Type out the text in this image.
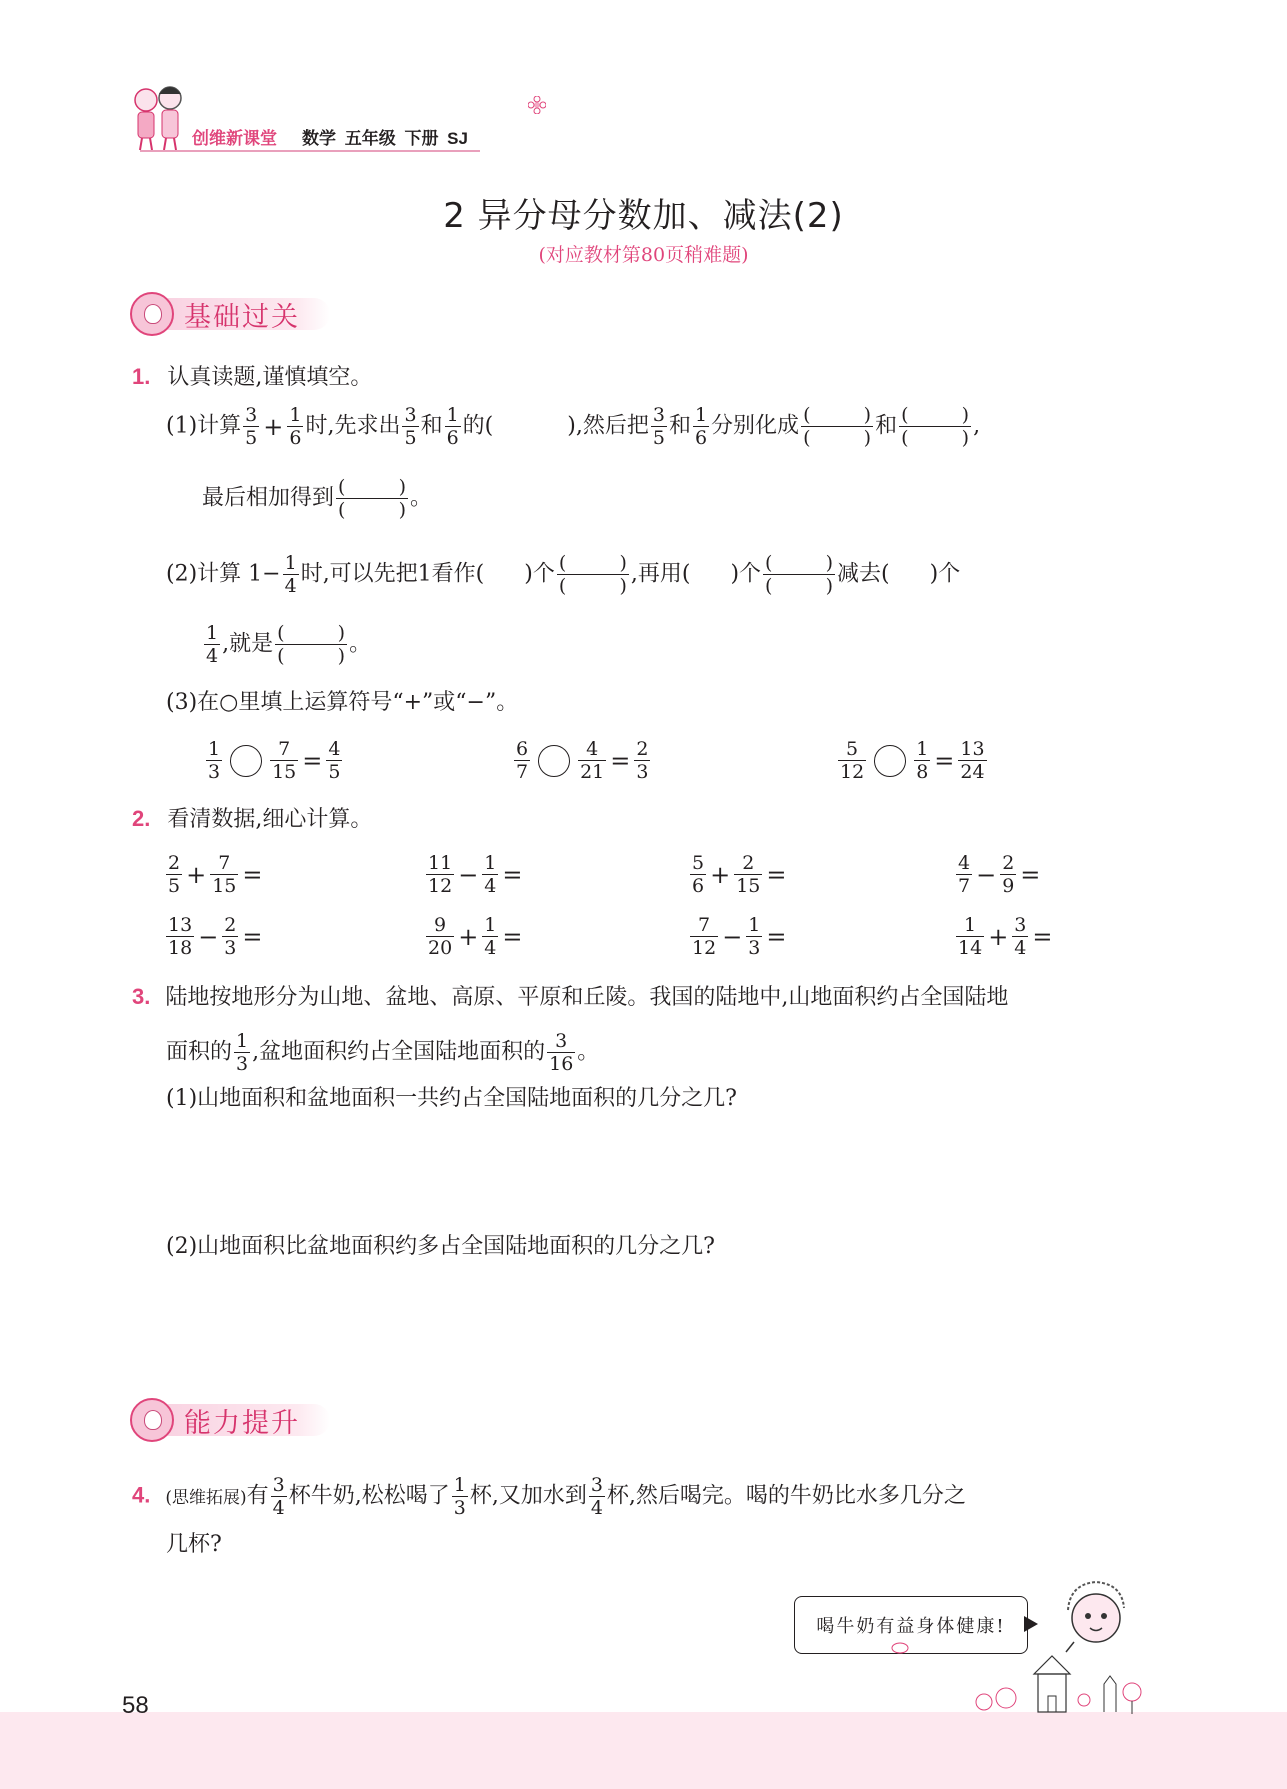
创维新课堂 数学 五年级 下册 SJ
2 异分母分数加、减法(2)
(对应教材第80页稍难题)
基础过关
1. 认真读题,谨慎填空。
(1)计算 $\frac{3}{5} + \frac{1}{6}$ 时,先求出 $\frac{3}{5}$ 和 $\frac{1}{6}$ 的(	),然后把 $\frac{3}{5}$ 和 $\frac{1}{6}$ 分别化成 (	)
(	) 和 (	)
(	) ,
最后相加得到 (	)
(	) 。
(2)计算 $1- \frac{1}{4}$ 时,可以先把1看作( )个 (	)
(	) ,再用( )个 (	)
(	) 减去( )个
$\frac{1}{4}$ ,就是 (	)
(	) 。
(3)在○里填上运算符号“+”或“−”。
$\frac{1}{3}$	$\frac{7}{15} = \frac{4}{5}$	$\frac{6}{7}$	$\frac{4}{21} = \frac{2}{3}$	$\frac{5}{12}$	$\frac{1}{8} = \frac{13}{24}$
2. 看清数据,细心计算。
$\frac{2}{5} + \frac{7}{15}$ =	$\frac{11}{12} - \frac{1}{4}$ =	$\frac{5}{6} + \frac{2}{15}$ =	$\frac{4}{7} - \frac{2}{9}$ =
$\frac{13}{18} - \frac{2}{3}$ =	$\frac{9}{20} + \frac{1}{4}$ =	$\frac{7}{12} - \frac{1}{3}$ =	$\frac{1}{14} + \frac{3}{4}$ =
3. 陆地按地形分为山地、盆地、高原、平原和丘陵。我国的陆地中,山地面积约占全国陆地
面积的 $\frac{1}{3}$ ,盆地面积约占全国陆地面积的 $\frac{3}{16}$ 。
(1)山地面积和盆地面积一共约占全国陆地面积的几分之几?
(2)山地面积比盆地面积约多占全国陆地面积的几分之几?
能力提升
4. (思维拓展)有 $\frac{3}{4}$ 杯牛奶,松松喝了 $\frac{1}{3}$ 杯,又加水到 $\frac{3}{4}$ 杯,然后喝完。喝的牛奶比水多几分之
几杯?
喝牛奶有益身体健康!
58
